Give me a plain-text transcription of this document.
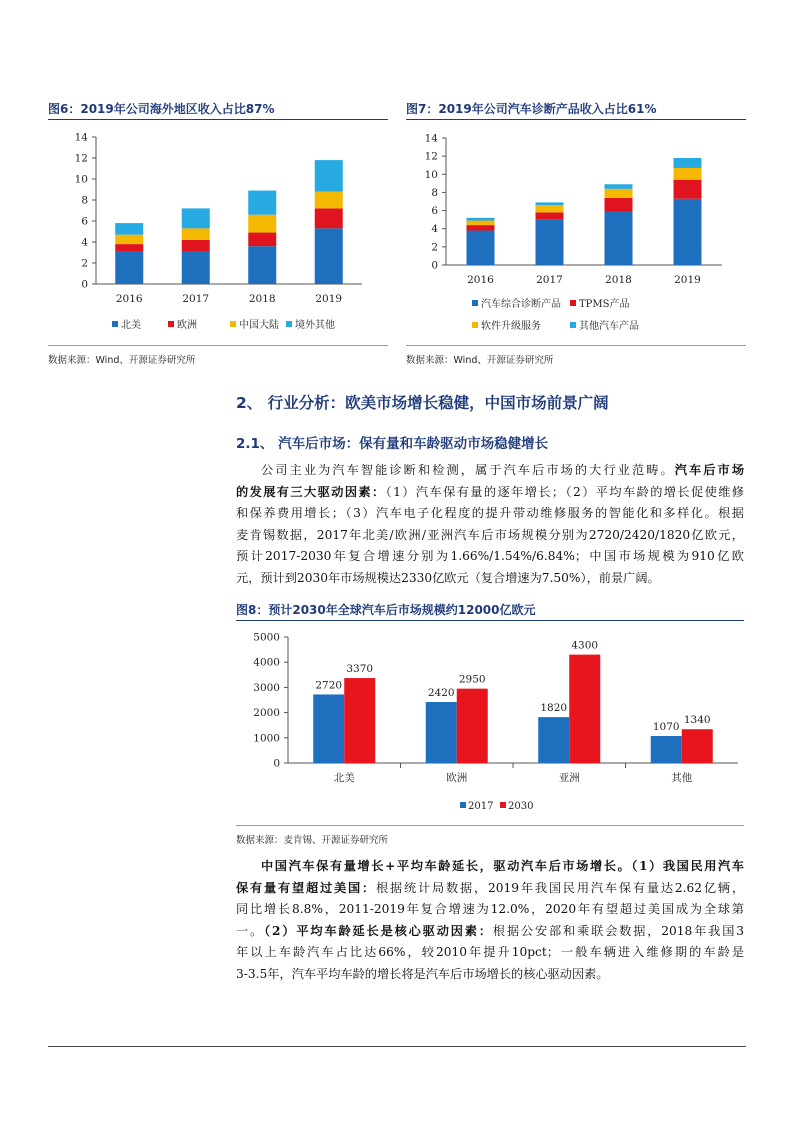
图6：2019年公司海外地区收入占比87%
0
2
4
6
8
10
12
14
2016	2017	2018	2019
北美	欧洲	中国大陆 境外其他
数据来源：Wind、开源证券研究所
图7：2019年公司汽车诊断产品收入占比61%
0
2
4
6
8
10
12
14
2016	2017	2018	2019
汽车综合诊断产品 TPMS产品
软件升级服务	其他汽车产品
数据来源：Wind、开源证券研究所
2、 行业分析：欧美市场增长稳健，中国市场前景广阔
2.1、 汽车后市场：保有量和车龄驱动市场稳健增长
公司主业为汽车智能诊断和检测，属于汽车后市场的大行业范畴。汽车后市场
的发展有三大驱动因素：（1）汽车保有量的逐年增长；（2）平均车龄的增长促使维修
和保养费用增长；（3）汽车电子化程度的提升带动维修服务的智能化和多样化。根据
麦肯锡数据，2017年北美/欧洲/亚洲汽车后市场规模分别为2720/2420/1820亿欧元，
预计2017-2030年复合增速分别为1.66%/1.54%/6.84%；中国市场规模为910亿欧
元，预计到2030年市场规模达2330亿欧元（复合增速为7.50%），前景广阔。
图8：预计2030年全球汽车后市场规模约12000亿欧元
0
1000
2000
3000
4000
5000
2720
3370
北美
2420
2950
欧洲
1820
4300
亚洲
1070
1340
其他
2017 2030
数据来源：麦肯锡、开源证券研究所
中国汽车保有量增长+平均车龄延长，驱动汽车后市场增长。（1）我国民用汽车
保有量有望超过美国：根据统计局数据，2019年我国民用汽车保有量达2.62亿辆，
同比增长8.8%，2011-2019年复合增速为12.0%，2020年有望超过美国成为全球第
一。（2）平均车龄延长是核心驱动因素：根据公安部和乘联会数据，2018年我国3
年以上车龄汽车占比达66%，较2010年提升10pct；一般车辆进入维修期的车龄是
3-3.5年，汽车平均车龄的增长将是汽车后市场增长的核心驱动因素。
